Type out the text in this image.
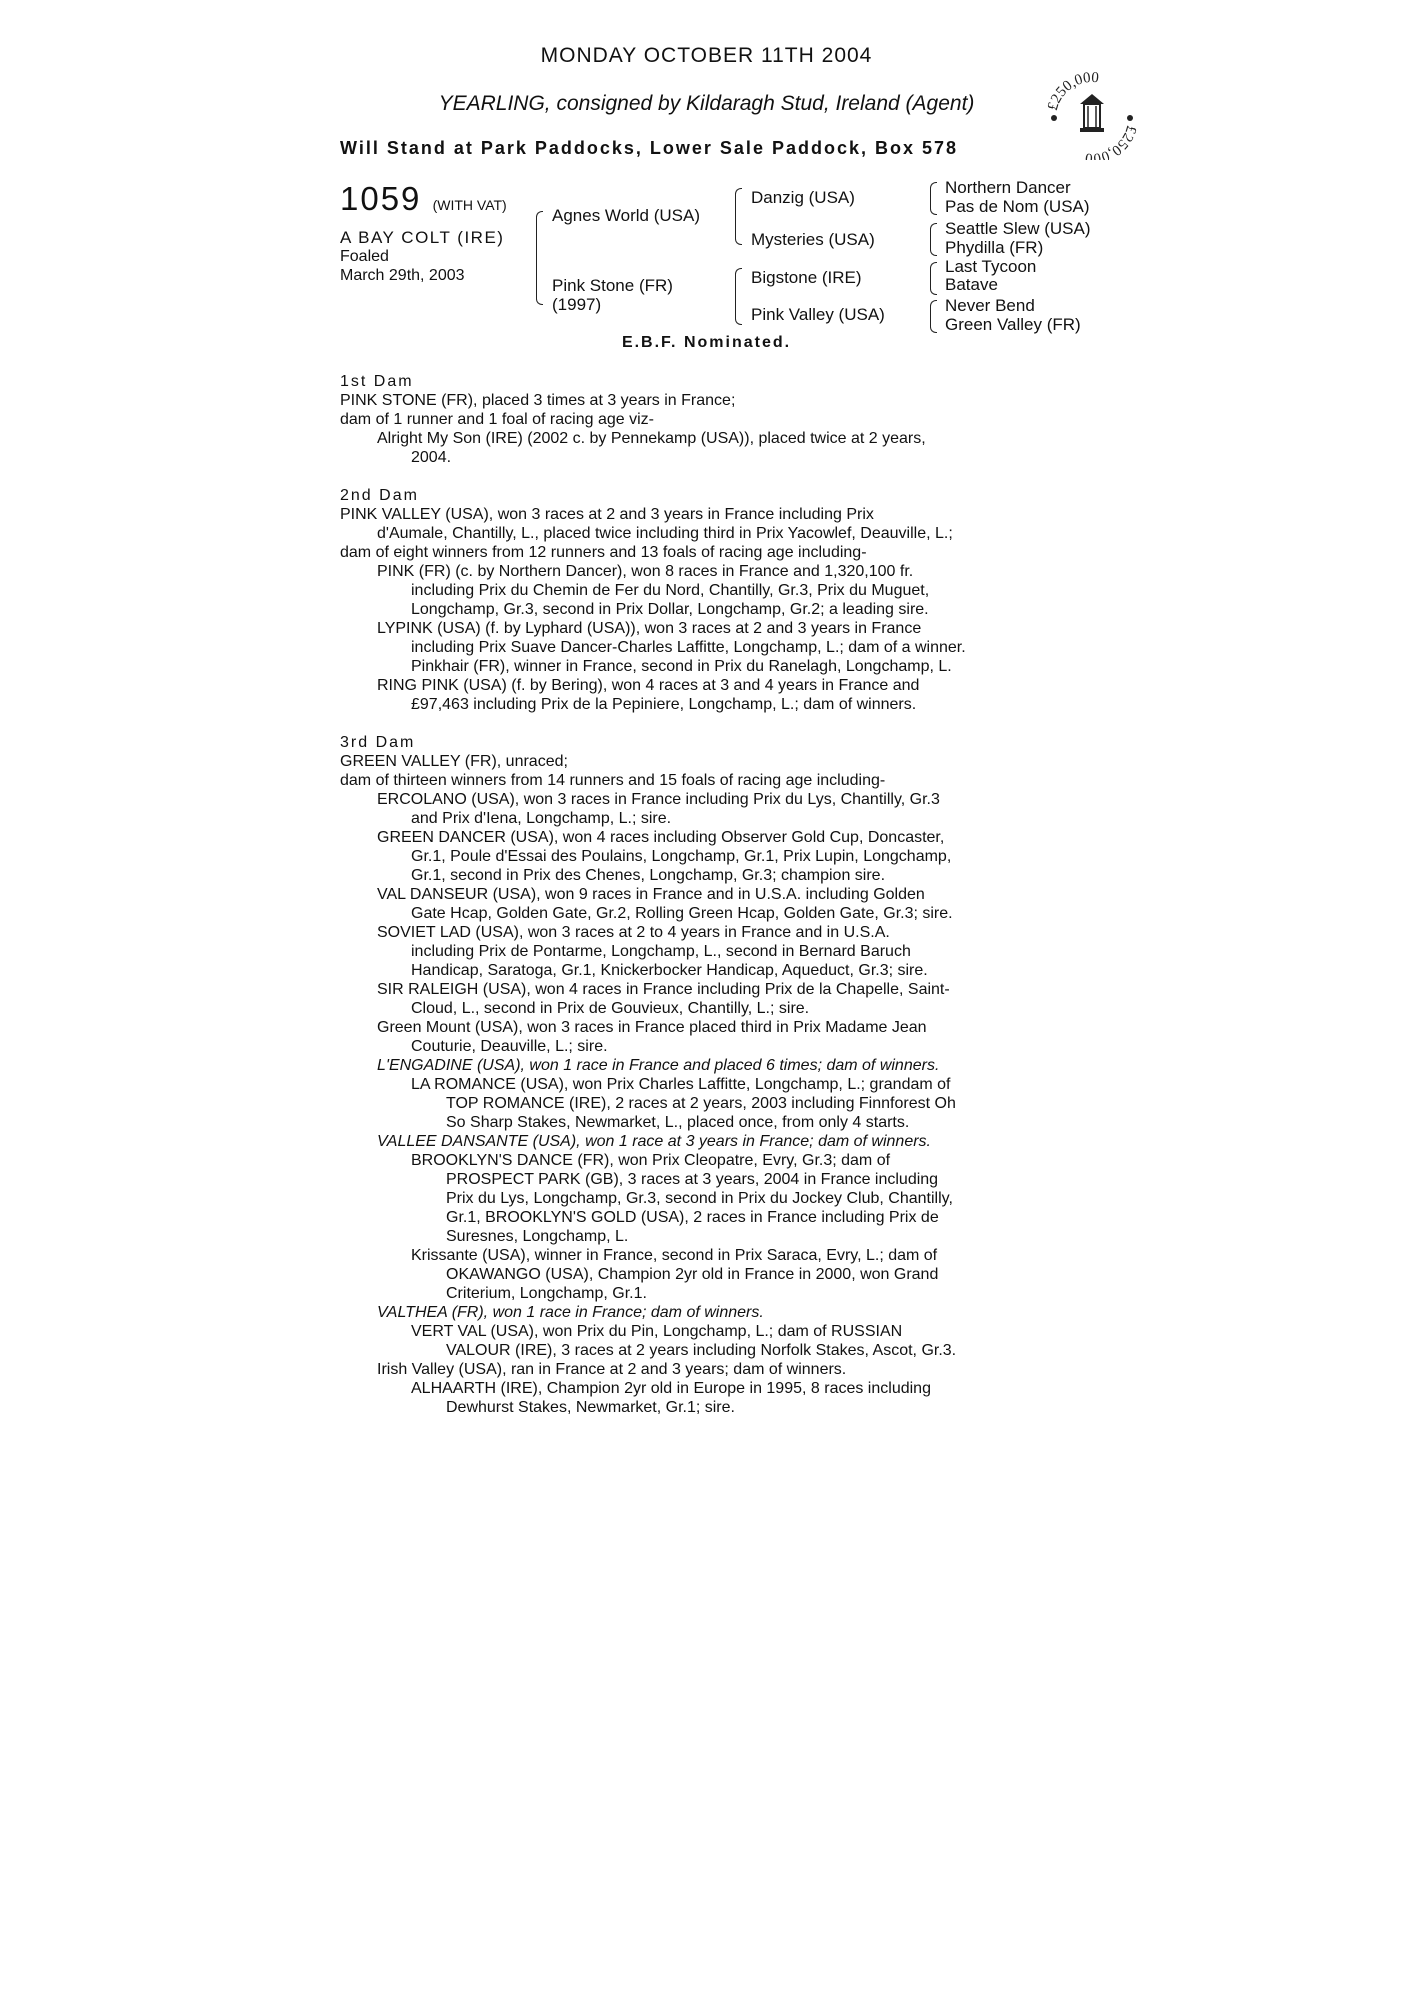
MONDAY OCTOBER 11TH 2004
YEARLING, consigned by Kildaragh Stud, Ireland (Agent)
Will Stand at Park Paddocks, Lower Sale Paddock, Box 578
£250,000
£250,000
1059 (WITH VAT)
A BAY COLT (IRE)
Foaled
March 29th, 2003
Agnes World (USA)
Pink Stone (FR)
(1997)
Danzig (USA)
Mysteries (USA)
Bigstone (IRE)
Pink Valley (USA)
Northern Dancer
Pas de Nom (USA)
Seattle Slew (USA)
Phydilla (FR)
Last Tycoon
Batave
Never Bend
Green Valley (FR)
E.B.F. Nominated.
1st Dam
PINK STONE (FR), placed 3 times at 3 years in France;
dam of 1 runner and 1 foal of racing age viz-
Alright My Son (IRE) (2002 c. by Pennekamp (USA)), placed twice at 2 years,
2004.
2nd Dam
PINK VALLEY (USA), won 3 races at 2 and 3 years in France including Prix
d'Aumale, Chantilly, L., placed twice including third in Prix Yacowlef, Deauville, L.;
dam of eight winners from 12 runners and 13 foals of racing age including-
PINK (FR) (c. by Northern Dancer), won 8 races in France and 1,320,100 fr.
including Prix du Chemin de Fer du Nord, Chantilly, Gr.3, Prix du Muguet,
Longchamp, Gr.3, second in Prix Dollar, Longchamp, Gr.2; a leading sire.
LYPINK (USA) (f. by Lyphard (USA)), won 3 races at 2 and 3 years in France
including Prix Suave Dancer-Charles Laffitte, Longchamp, L.; dam of a winner.
Pinkhair (FR), winner in France, second in Prix du Ranelagh, Longchamp, L.
RING PINK (USA) (f. by Bering), won 4 races at 3 and 4 years in France and
£97,463 including Prix de la Pepiniere, Longchamp, L.; dam of winners.
3rd Dam
GREEN VALLEY (FR), unraced;
dam of thirteen winners from 14 runners and 15 foals of racing age including-
ERCOLANO (USA), won 3 races in France including Prix du Lys, Chantilly, Gr.3
and Prix d'Iena, Longchamp, L.; sire.
GREEN DANCER (USA), won 4 races including Observer Gold Cup, Doncaster,
Gr.1, Poule d'Essai des Poulains, Longchamp, Gr.1, Prix Lupin, Longchamp,
Gr.1, second in Prix des Chenes, Longchamp, Gr.3; champion sire.
VAL DANSEUR (USA), won 9 races in France and in U.S.A. including Golden
Gate Hcap, Golden Gate, Gr.2, Rolling Green Hcap, Golden Gate, Gr.3; sire.
SOVIET LAD (USA), won 3 races at 2 to 4 years in France and in U.S.A.
including Prix de Pontarme, Longchamp, L., second in Bernard Baruch
Handicap, Saratoga, Gr.1, Knickerbocker Handicap, Aqueduct, Gr.3; sire.
SIR RALEIGH (USA), won 4 races in France including Prix de la Chapelle, Saint-
Cloud, L., second in Prix de Gouvieux, Chantilly, L.; sire.
Green Mount (USA), won 3 races in France placed third in Prix Madame Jean
Couturie, Deauville, L.; sire.
L'ENGADINE (USA), won 1 race in France and placed 6 times; dam of winners.
LA ROMANCE (USA), won Prix Charles Laffitte, Longchamp, L.; grandam of
TOP ROMANCE (IRE), 2 races at 2 years, 2003 including Finnforest Oh
So Sharp Stakes, Newmarket, L., placed once, from only 4 starts.
VALLEE DANSANTE (USA), won 1 race at 3 years in France; dam of winners.
BROOKLYN'S DANCE (FR), won Prix Cleopatre, Evry, Gr.3; dam of
PROSPECT PARK (GB), 3 races at 3 years, 2004 in France including
Prix du Lys, Longchamp, Gr.3, second in Prix du Jockey Club, Chantilly,
Gr.1, BROOKLYN'S GOLD (USA), 2 races in France including Prix de
Suresnes, Longchamp, L.
Krissante (USA), winner in France, second in Prix Saraca, Evry, L.; dam of
OKAWANGO (USA), Champion 2yr old in France in 2000, won Grand
Criterium, Longchamp, Gr.1.
VALTHEA (FR), won 1 race in France; dam of winners.
VERT VAL (USA), won Prix du Pin, Longchamp, L.; dam of RUSSIAN
VALOUR (IRE), 3 races at 2 years including Norfolk Stakes, Ascot, Gr.3.
Irish Valley (USA), ran in France at 2 and 3 years; dam of winners.
ALHAARTH (IRE), Champion 2yr old in Europe in 1995, 8 races including
Dewhurst Stakes, Newmarket, Gr.1; sire.
